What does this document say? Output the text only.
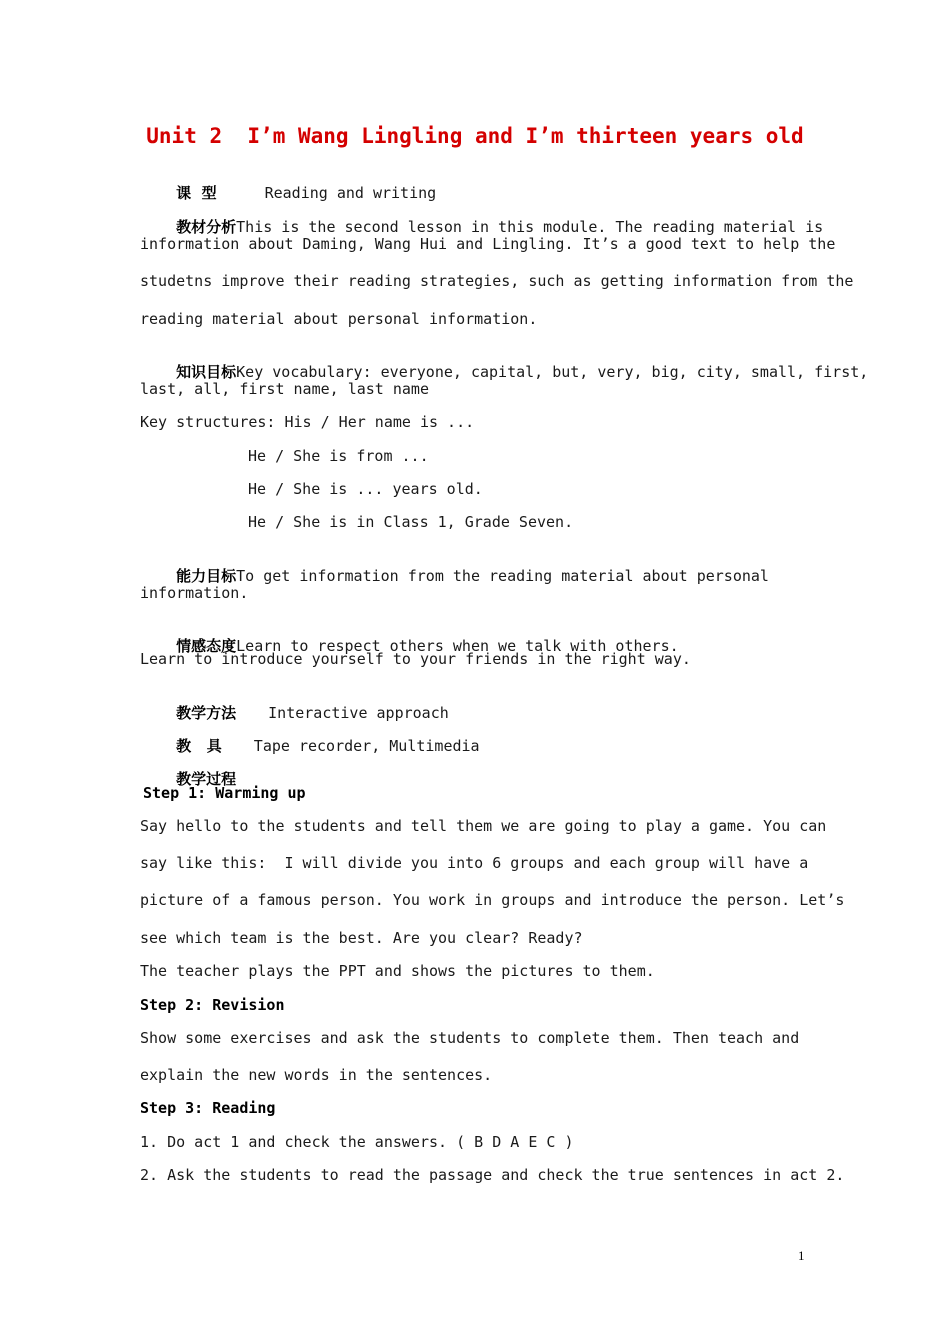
Unit 2  I’m Wang Lingling and I’m thirteen years old

课  型	Reading and writing

教材分析This is the second lesson in this module. The reading material is

information about Daming, Wang Hui and Lingling. It’s a good text to help the
studetns improve their reading strategies, such as getting information from the
reading material about personal information.

知识目标Key vocabulary: everyone, capital, but, very, big, city, small, first,

last, all, first name, last name
Key structures: His / Her name is ...
He / She is from ...
He / She is ... years old.
He / She is in Class 1, Grade Seven.

能力目标To get information from the reading material about personal

information.

情感态度Learn to respect others when we talk with others.

Learn to introduce yourself to your friends in the right way.

教学方法 Interactive approach

教   具 Tape recorder, Multimedia

教学过程

Step 1: Warming up
Say hello to the students and tell them we are going to play a game. You can
say like this:  I will divide you into 6 groups and each group will have a
picture of a famous person. You work in groups and introduce the person. Let’s
see which team is the best. Are you clear? Ready?
The teacher plays the PPT and shows the pictures to them.
Step 2: Revision
Show some exercises and ask the students to complete them. Then teach and
explain the new words in the sentences.
Step 3: Reading
1. Do act 1 and check the answers. ( B D A E C )
2. Ask the students to read the passage and check the true sentences in act 2.
1
